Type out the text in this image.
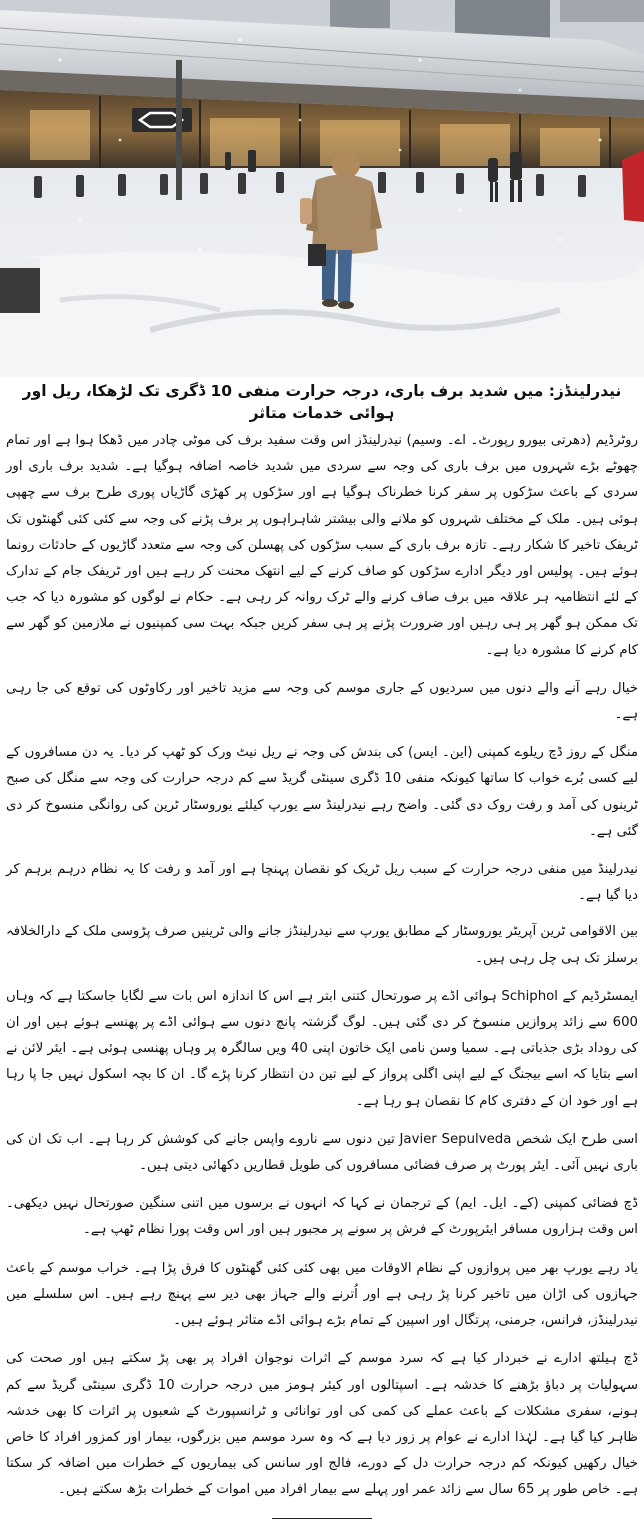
نیدرلینڈز: میں شدید برف باری، درجہ حرارت منفی 10 ڈگری تک لڑھکا، ریل اور ہوائی خدمات متاثر

روٹرڈیم (دھرتی بیورو رپورٹ۔ اے۔ وسیم) نیدرلینڈز اس وقت سفید برف کی موٹی چادر میں ڈھکا ہوا ہے اور تمام چھوٹے بڑے شہروں میں برف باری کی وجہ سے سردی میں شدید خاصہ اضافہ ہوگیا ہے۔ شدید برف باری اور سردی کے باعث سڑکوں پر سفر کرنا خطرناک ہوگیا ہے اور سڑکوں پر کھڑی گاڑیاں پوری طرح برف سے چھپی ہوئی ہیں۔ ملک کے مختلف شہروں کو ملانے والی بیشتر شاہراہوں پر برف پڑنے کی وجہ سے کئی کئی گھنٹوں تک ٹریفک تاخیر کا شکار رہے۔ تازہ برف باری کے سبب سڑکوں کی پھسلن کی وجہ سے متعدد گاڑیوں کے حادثات رونما ہوئے ہیں۔ پولیس اور دیگر ادارے سڑکوں کو صاف کرنے کے لیے انتھک محنت کر رہے ہیں اور ٹریفک جام کے تدارک کے لئے انتظامیہ ہر علاقہ میں برف صاف کرنے والے ٹرک روانہ کر رہی ہے۔ حکام نے لوگوں کو مشورہ دیا کہ جب تک ممکن ہو گھر پر ہی رہیں اور ضرورت پڑنے پر ہی سفر کریں جبکہ بہت سی کمپنیوں نے ملازمین کو گھر سے کام کرنے کا مشورہ دیا ہے۔

خیال رہے آنے والے دنوں میں سردیوں کے جاری موسم کی وجہ سے مزید تاخیر اور رکاوٹوں کی توقع کی جا رہی ہے۔

منگل کے روز ڈچ ریلوے کمپنی (این۔ ایس) کی بندش کی وجہ نے ریل نیٹ ورک کو ٹھپ کر دیا۔ یہ دن مسافروں کے لیے کسی بُرے خواب کا ساتھا کیونکہ منفی 10 ڈگری سینٹی گریڈ سے کم درجہ حرارت کی وجہ سے منگل کی صبح ٹرینوں کی آمد و رفت روک دی گئی۔ واضح رہے نیدرلینڈ سے یورپ کیلئے یوروسٹار ٹرین کی روانگی منسوخ کر دی گئی ہے۔

نیدرلینڈ میں منفی درجہ حرارت کے سبب ریل ٹریک کو نقصان پہنچا ہے اور آمد و رفت کا یہ نظام درہم برہم کر دیا گیا ہے۔

بین الاقوامی ٹرین آپریٹر یوروسٹار کے مطابق یورپ سے نیدرلینڈز جانے والی ٹرینیں صرف پڑوسی ملک کے دارالخلافہ برسلز تک ہی چل رہی ہیں۔

ایمسٹرڈیم کے Schiphol ہوائی اڈے پر صورتحال کتنی ابتر ہے اس کا اندازہ اس بات سے لگایا جاسکتا ہے کہ وہاں 600 سے زائد پروازیں منسوخ کر دی گئی ہیں۔ لوگ گزشتہ پانچ دنوں سے ہوائی اڈے پر پھنسے ہوئے ہیں اور ان کی روداد بڑی جذباتی ہے۔ سمیا وسن نامی ایک خاتون اپنی 40 ویں سالگرہ پر وہاں پھنسی ہوئی ہے۔ ایئر لائن نے اسے بتایا کہ اسے بیجنگ کے لیے اپنی اگلی پرواز کے لیے تین دن انتظار کرنا پڑے گا۔ ان کا بچہ اسکول نہیں جا پا رہا ہے اور خود ان کے دفتری کام کا نقصان ہو رہا ہے۔

اسی طرح ایک شخص Javier Sepulveda تین دنوں سے ناروے واپس جانے کی کوشش کر رہا ہے۔ اب تک ان کی باری نہیں آئی۔ ایئر پورٹ پر صرف فضائی مسافروں کی طویل قطاریں دکھائی دیتی ہیں۔

ڈچ فضائی کمپنی (کے۔ ایل۔ ایم) کے ترجمان نے کہا کہ انہوں نے برسوں میں اتنی سنگین صورتحال نہیں دیکھی۔ اس وقت ہزاروں مسافر ایئرپورٹ کے فرش پر سونے پر مجبور ہیں اور اس وقت پورا نظام ٹھپ ہے۔

یاد رہے یورپ بھر میں پروازوں کے نظام الاوقات میں بھی کئی کئی گھنٹوں کا فرق پڑا ہے۔ خراب موسم کے باعث جہازوں کی اڑان میں تاخیر کرنا پڑ رہی ہے اور اُترنے والے جہاز بھی دیر سے پہنچ رہے ہیں۔ اس سلسلے میں نیدرلینڈز، فرانس، جرمنی، پرتگال اور اسپین کے تمام بڑے ہوائی اڈے متاثر ہوئے ہیں۔

ڈچ ہیلتھ ادارے نے خبردار کیا ہے کہ سرد موسم کے اثرات نوجوان افراد پر بھی پڑ سکتے ہیں اور صحت کی سہولیات پر دباؤ بڑھنے کا خدشہ ہے۔ اسپتالوں اور کیئر ہومز میں درجہ حرارت 10 ڈگری سینٹی گریڈ سے کم ہونے، سفری مشکلات کے باعث عملے کی کمی کی اور توانائی و ٹرانسپورٹ کے شعبوں پر اثرات کا بھی خدشہ ظاہر کیا گیا ہے۔ لہٰذا ادارے نے عوام پر زور دیا ہے کہ وہ سرد موسم میں بزرگوں، بیمار اور کمزور افراد کا خاص خیال رکھیں کیونکہ کم درجہ حرارت دل کے دورے، فالج اور سانس کی بیماریوں کے خطرات میں اضافہ کر سکتا ہے۔ خاص طور پر 65 سال سے زائد عمر اور پہلے سے بیمار افراد میں اموات کے خطرات بڑھ سکتے ہیں۔
